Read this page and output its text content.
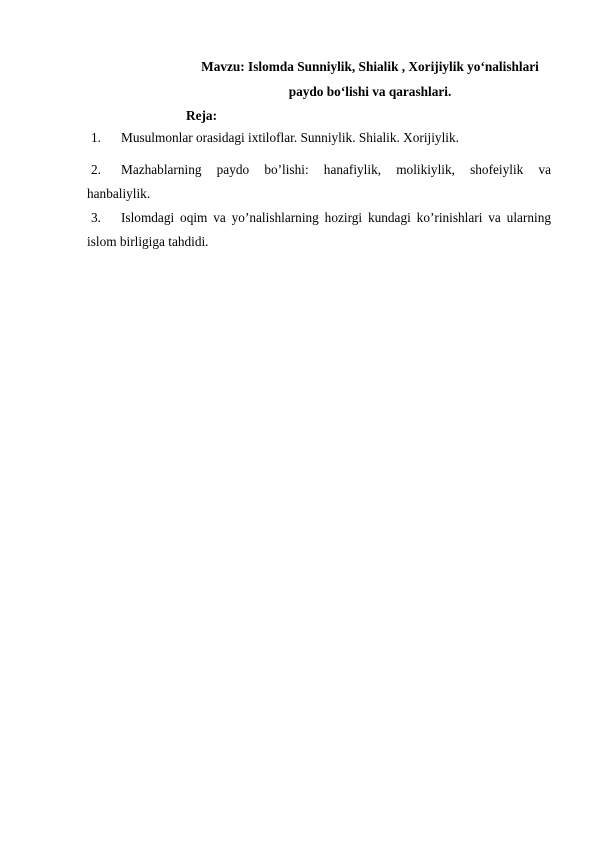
Mavzu: Islomda Sunniylik, Shialik , Xorijiylik yo‘nalishlari
paydo bo‘lishi va qarashlari.
Reja:
1.	Musulmonlar orasidagi ixtiloflar. Sunniylik. Shialik. Xorijiylik.
2.	Mazhablarning paydo bo’lishi: hanafiylik, molikiylik, shofeiylik va
hanbaliylik.
3.	Islomdagi oqim va yo’nalishlarning hozirgi kundagi ko’rinishlari va ularning
islom birligiga tahdidi.
